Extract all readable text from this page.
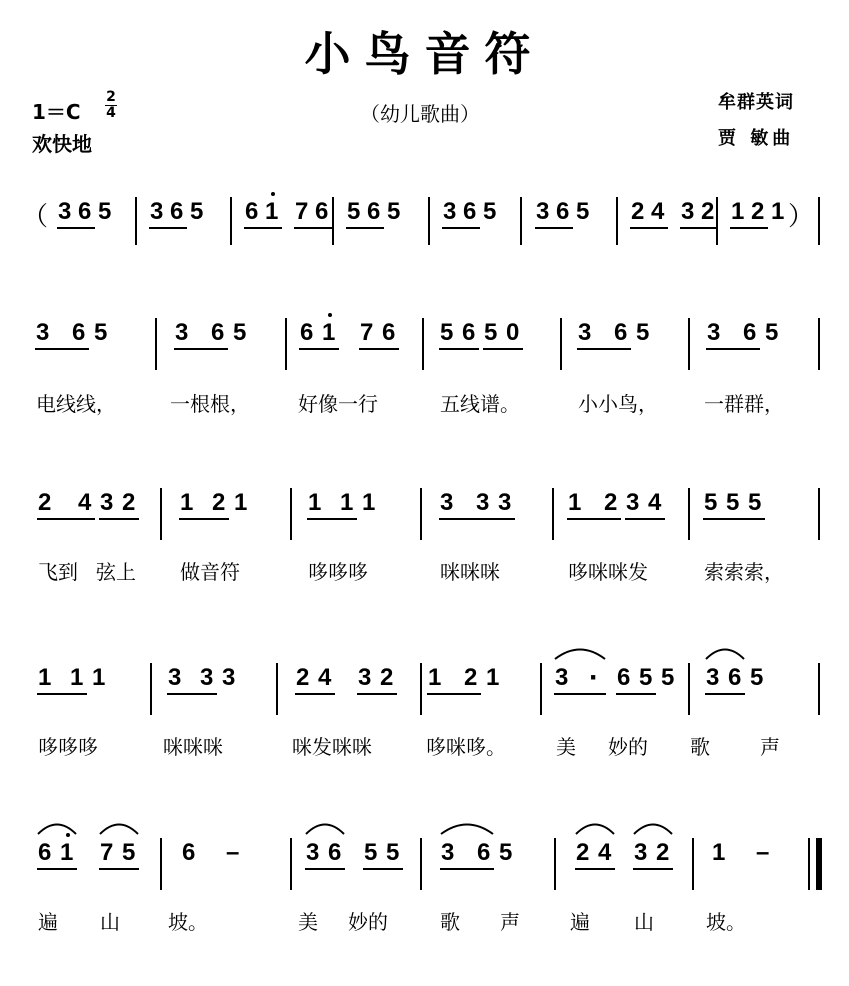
小鸟音符
1＝C
2
4
欢快地
（幼儿歌曲）	牟群英词
贾 敏曲
（	）
3 6 5 3 6 5 6 1 7 6 5 6 5 3 6 5 3 6 5 2 4 3 2 1 2 1
3 6 5	3 6 5 6 1 7 6 5 6 5 0 3 6 5 3 6 5
电线线，	一根根， 好像一行	五线谱。	小小鸟， 一群群，
2 4 3 2 1 2 1	1 1 1	3 3 3 1 2 3 4 5 5 5
飞到 弦上 做音符	哆哆哆	咪咪咪	哆咪咪发	索索索，
1 1 1	3 3 3	2 4 3 2 1 2 1 3 · 6 5 5 3 6 5
哆哆哆	咪咪咪	咪发咪咪	哆咪哆。	美 妙的 歌	声
6 1 7 5 6 –	3 6 5 5 3 6 5	2 4 3 2 1 –
遍 山 坡。	美 妙的	歌 声	遍 山	坡。
